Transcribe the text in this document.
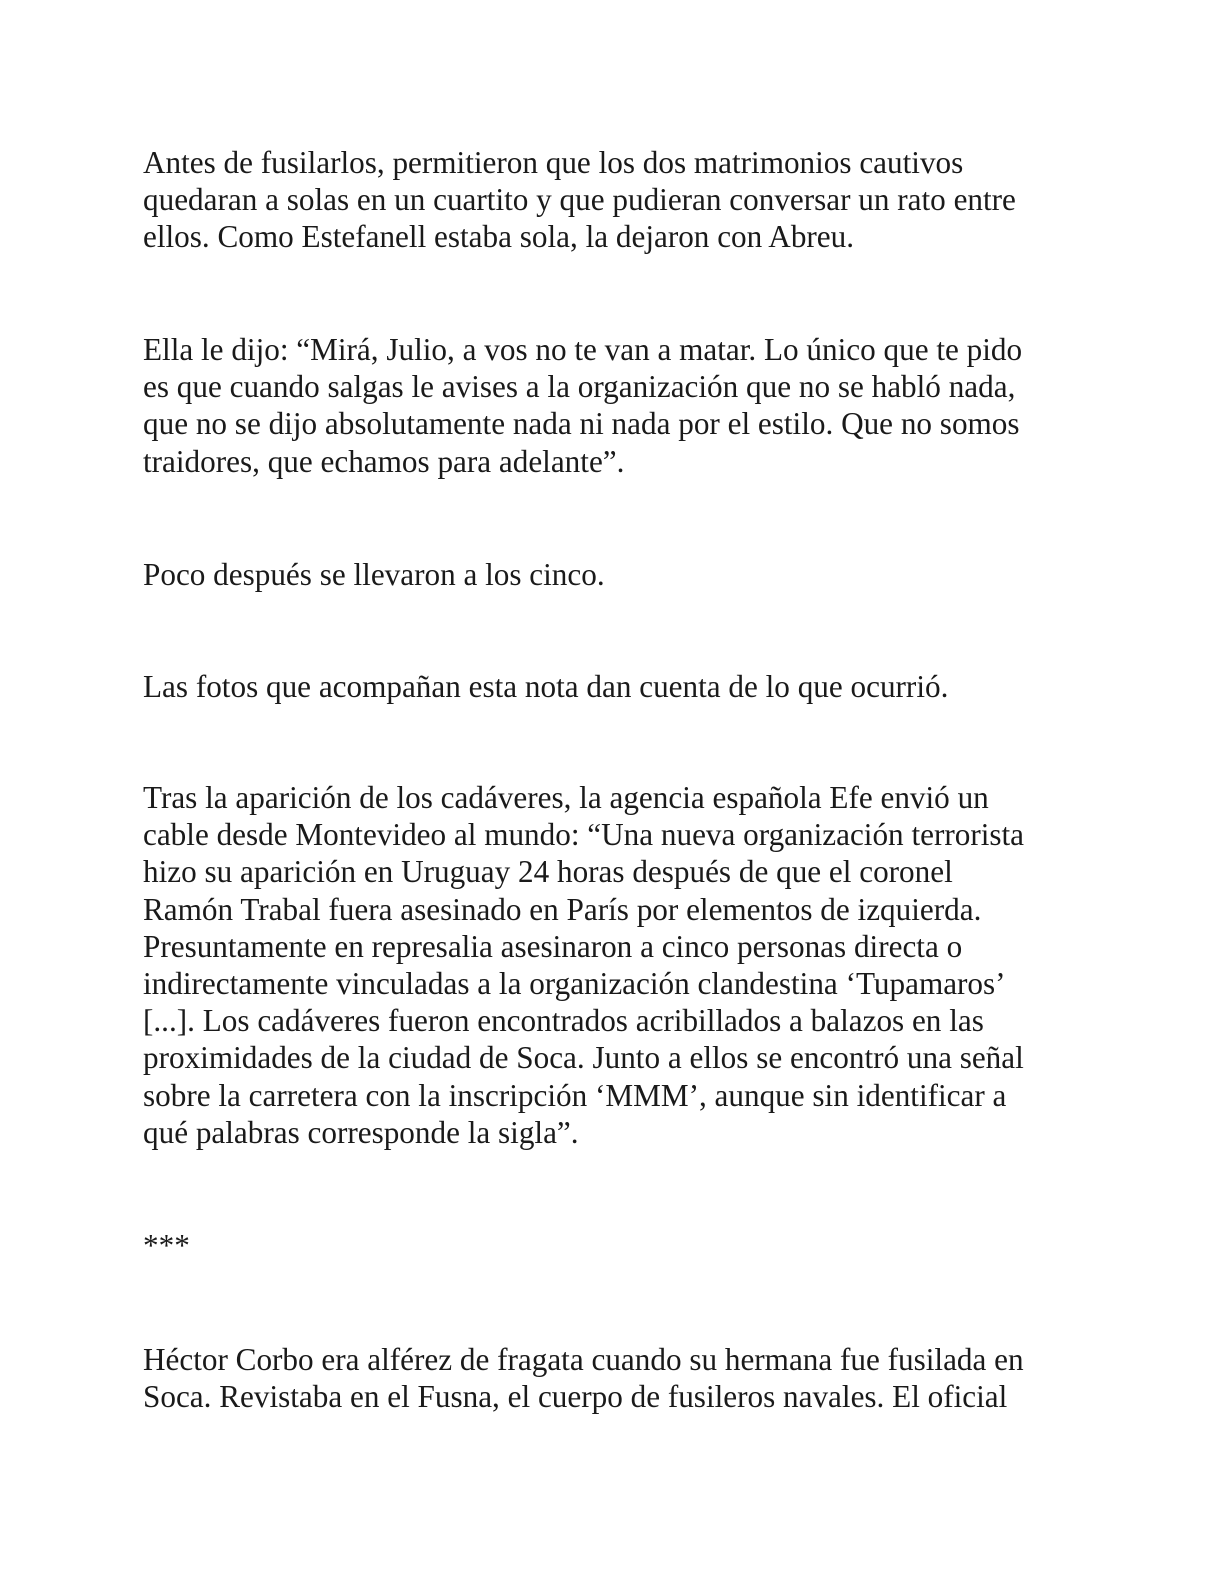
Antes de fusilarlos, permitieron que los dos matrimonios cautivos
quedaran a solas en un cuartito y que pudieran conversar un rato entre
ellos. Como Estefanell estaba sola, la dejaron con Abreu.

Ella le dijo: “Mirá, Julio, a vos no te van a matar. Lo único que te pido
es que cuando salgas le avises a la organización que no se habló nada,
que no se dijo absolutamente nada ni nada por el estilo. Que no somos
traidores, que echamos para adelante”.

Poco después se llevaron a los cinco.

Las fotos que acompañan esta nota dan cuenta de lo que ocurrió.

Tras la aparición de los cadáveres, la agencia española Efe envió un
cable desde Montevideo al mundo: “Una nueva organización terrorista
hizo su aparición en Uruguay 24 horas después de que el coronel
Ramón Trabal fuera asesinado en París por elementos de izquierda.
Presuntamente en represalia asesinaron a cinco personas directa o
indirectamente vinculadas a la organización clandestina ‘Tupamaros’
[...]. Los cadáveres fueron encontrados acribillados a balazos en las
proximidades de la ciudad de Soca. Junto a ellos se encontró una señal
sobre la carretera con la inscripción ‘MMM’, aunque sin identificar a
qué palabras corresponde la sigla”.

***

Héctor Corbo era alférez de fragata cuando su hermana fue fusilada en
Soca. Revistaba en el Fusna, el cuerpo de fusileros navales. El oficial
